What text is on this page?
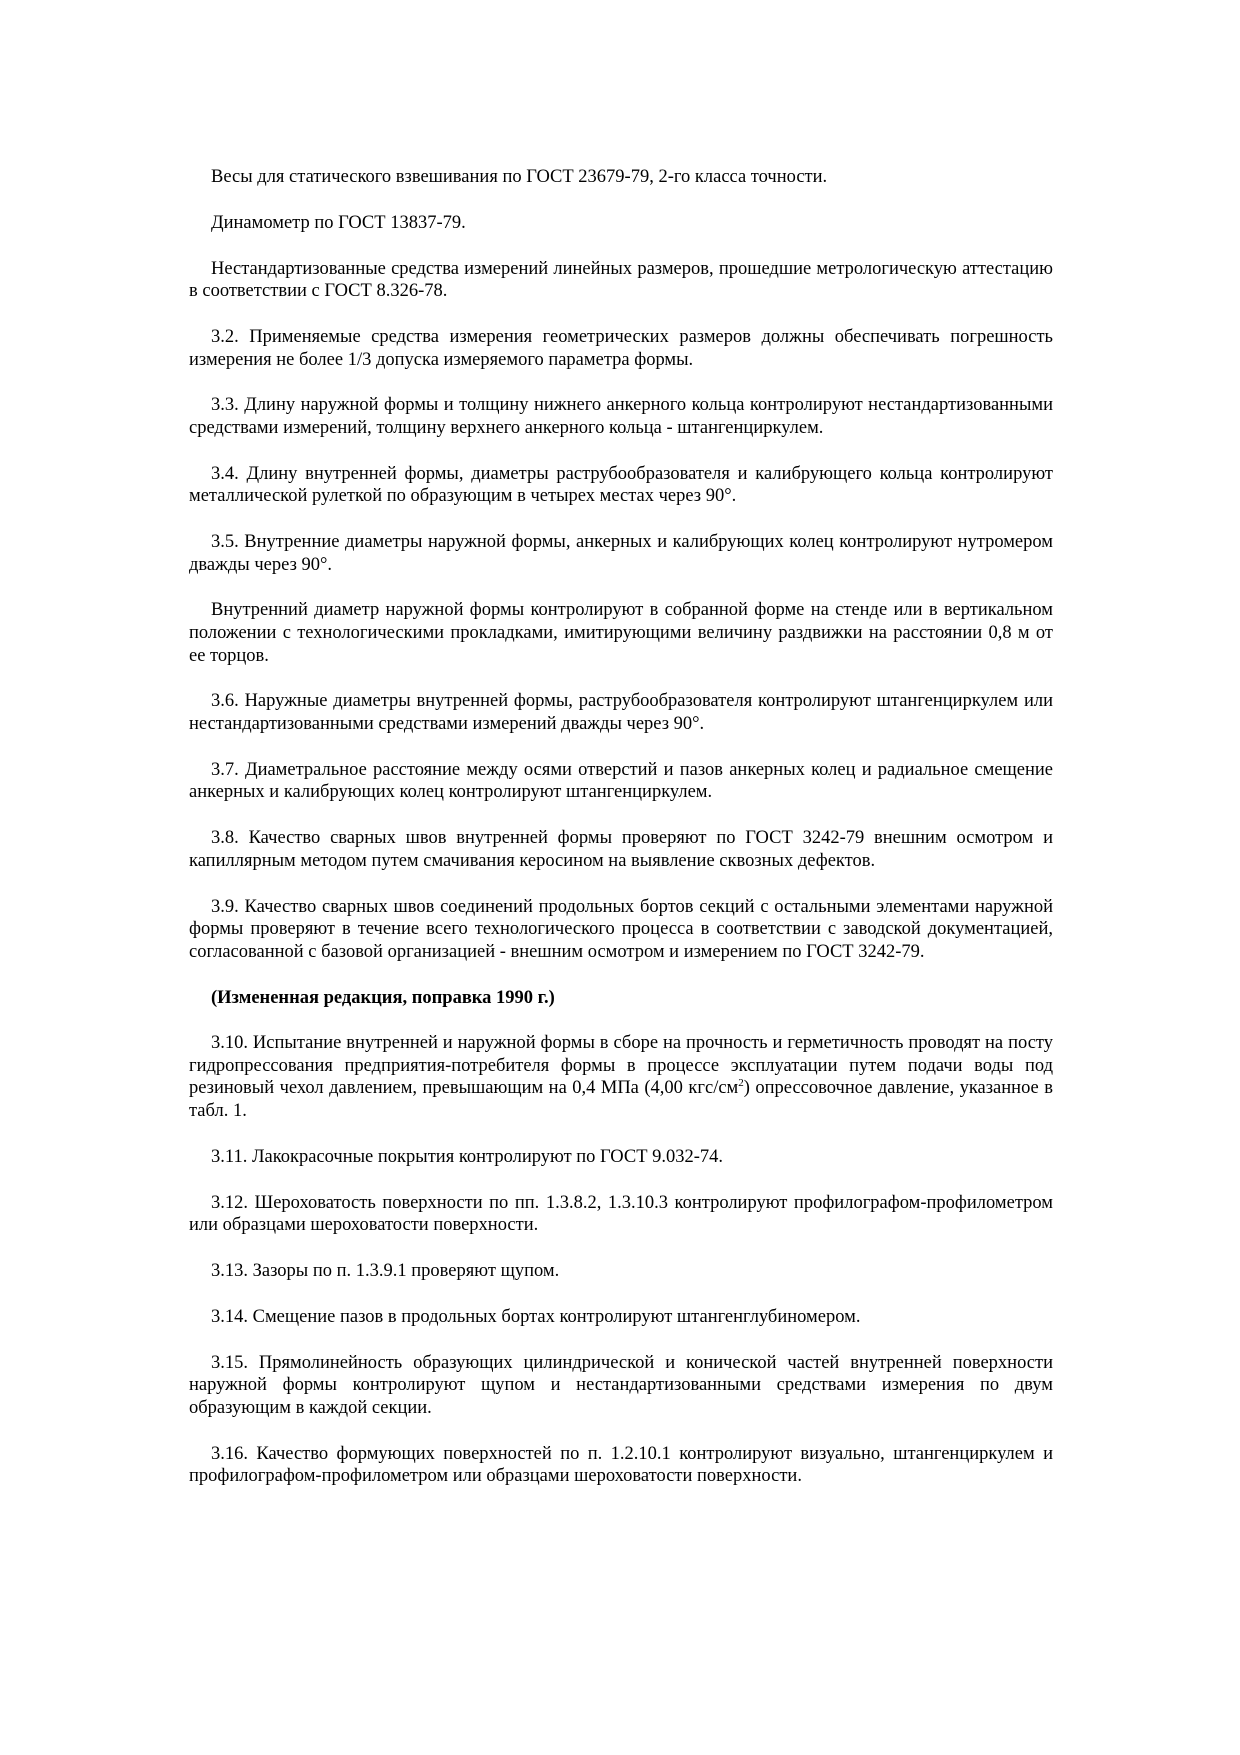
Весы для статического взвешивания по ГОСТ 23679-79, 2-го класса точности.

Динамометр по ГОСТ 13837-79.

Нестандартизованные средства измерений линейных размеров, прошедшие метрологическую аттестацию в соответствии с ГОСТ 8.326-78.

3.2. Применяемые средства измерения геометрических размеров должны обеспечивать погрешность измерения не более 1/3 допуска измеряемого параметра формы.

3.3. Длину наружной формы и толщину нижнего анкерного кольца контролируют нестандартизованными средствами измерений, толщину верхнего анкерного кольца - штангенциркулем.

3.4. Длину внутренней формы, диаметры раструбообразователя и калибрующего кольца контролируют металлической рулеткой по образующим в четырех местах через 90°.

3.5. Внутренние диаметры наружной формы, анкерных и калибрующих колец контролируют нутромером дважды через 90°.

Внутренний диаметр наружной формы контролируют в собранной форме на стенде или в вертикальном положении с технологическими прокладками, имитирующими величину раздвижки на расстоянии 0,8 м от ее торцов.

3.6. Наружные диаметры внутренней формы, раструбообразователя контролируют штангенциркулем или нестандартизованными средствами измерений дважды через 90°.

3.7. Диаметральное расстояние между осями отверстий и пазов анкерных колец и радиальное смещение анкерных и калибрующих колец контролируют штангенциркулем.

3.8. Качество сварных швов внутренней формы проверяют по ГОСТ 3242-79 внешним осмотром и капиллярным методом путем смачивания керосином на выявление сквозных дефектов.

3.9. Качество сварных швов соединений продольных бортов секций с остальными элементами наружной формы проверяют в течение всего технологического процесса в соответствии с заводской документацией, согласованной с базовой организацией - внешним осмотром и измерением по ГОСТ 3242-79.

(Измененная редакция, поправка 1990 г.)

3.10. Испытание внутренней и наружной формы в сборе на прочность и герметичность проводят на посту гидропрессования предприятия-потребителя формы в процессе эксплуатации путем подачи воды под резиновый чехол давлением, превышающим на 0,4 МПа (4,00 кгс/$см^2$) опрессовочное давление, указанное в табл. 1.

3.11. Лакокрасочные покрытия контролируют по ГОСТ 9.032-74.

3.12. Шероховатость поверхности по пп. 1.3.8.2, 1.3.10.3 контролируют профилографом-профилометром или образцами шероховатости поверхности.

3.13. Зазоры по п. 1.3.9.1 проверяют щупом.

3.14. Смещение пазов в продольных бортах контролируют штангенглубиномером.

3.15. Прямолинейность образующих цилиндрической и конической частей внутренней поверхности наружной формы контролируют щупом и нестандартизованными средствами измерения по двум образующим в каждой секции.

3.16. Качество формующих поверхностей по п. 1.2.10.1 контролируют визуально, штангенциркулем и профилографом-профилометром или образцами шероховатости поверхности.
